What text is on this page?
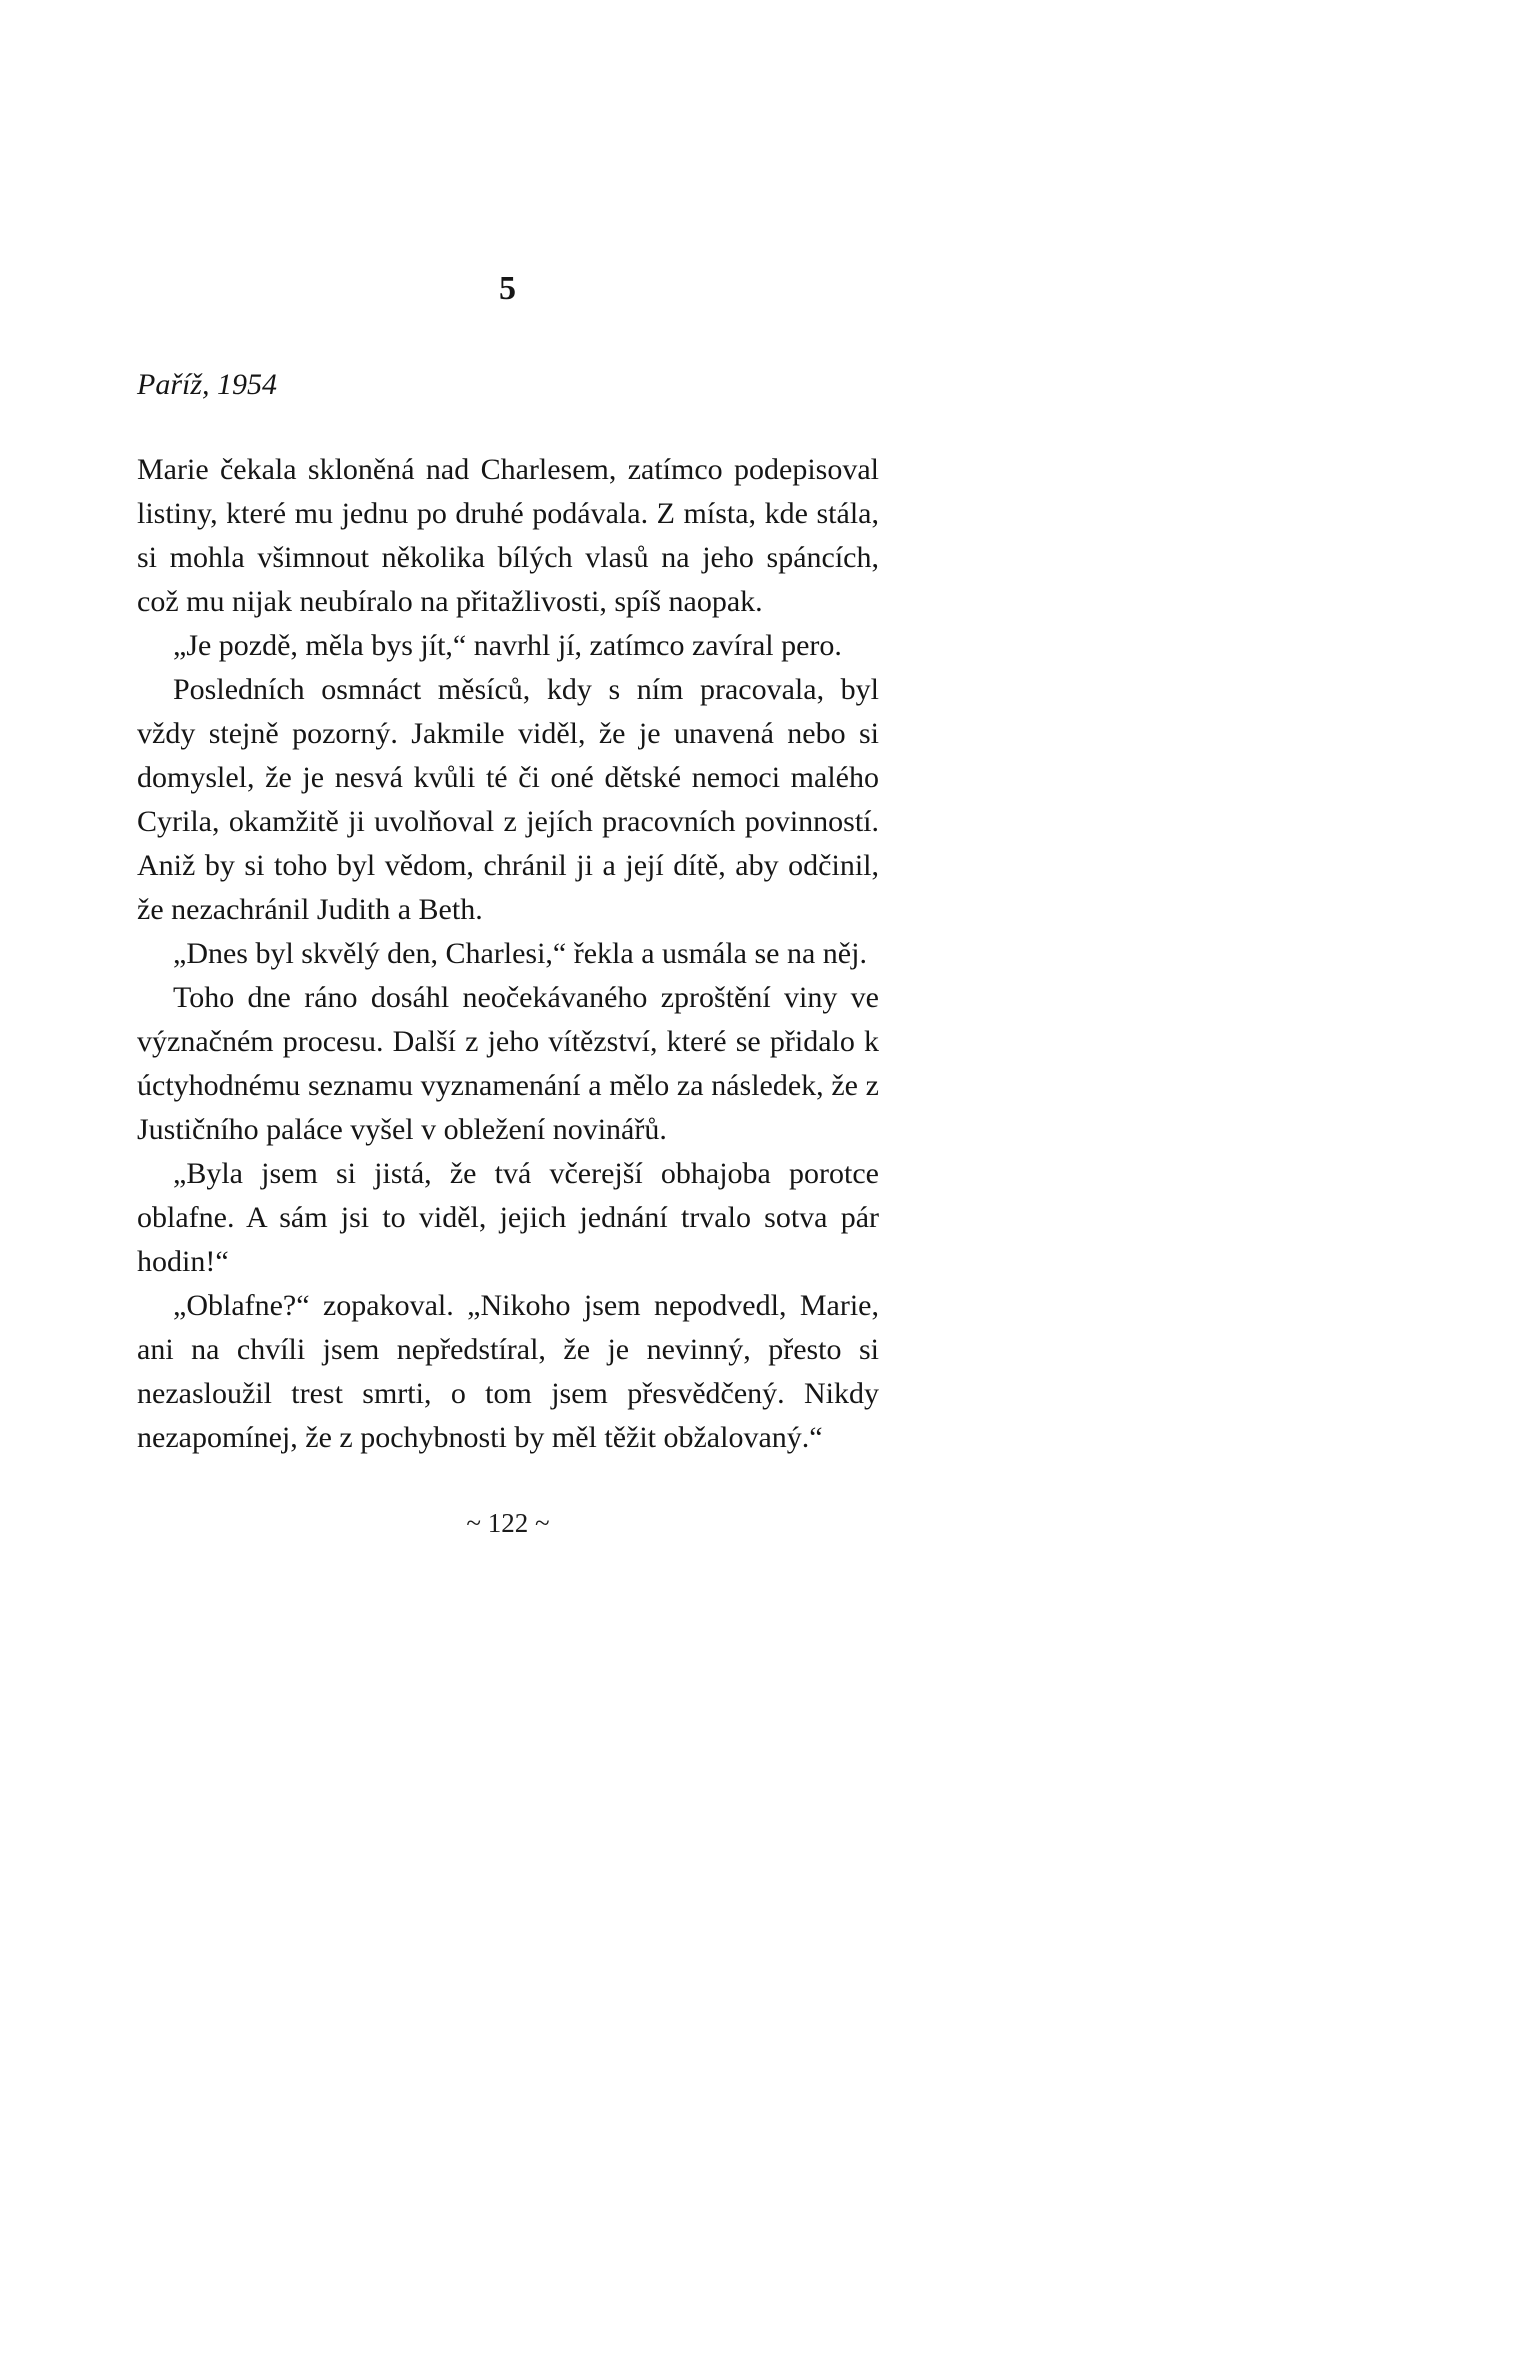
5
Paříž, 1954

Marie čekala skloněná nad Charlesem, zatímco podepisoval listiny, které mu jednu po druhé podávala. Z místa, kde stála, si mohla všimnout několika bílých vlasů na jeho spáncích, což mu nijak neubíralo na přitažlivosti, spíš naopak.

„Je pozdě, měla bys jít,“ navrhl jí, zatímco zavíral pero.

Posledních osmnáct měsíců, kdy s ním pracovala, byl vždy stejně pozorný. Jakmile viděl, že je unavená nebo si domyslel, že je nesvá kvůli té či oné dětské nemoci malého Cyrila, okamžitě ji uvolňoval z jejích pracovních povinností. Aniž by si toho byl vědom, chránil ji a její dítě, aby odčinil, že nezachránil Judith a Beth.

„Dnes byl skvělý den, Charlesi,“ řekla a usmála se na něj.

Toho dne ráno dosáhl neočekávaného zproštění viny ve význačném procesu. Další z jeho vítězství, které se přidalo k úctyhodnému seznamu vyznamenání a mělo za následek, že z Justičního paláce vyšel v obležení novinářů.

„Byla jsem si jistá, že tvá včerejší obhajoba porotce oblafne. A sám jsi to viděl, jejich jednání trvalo sotva pár hodin!“

„Oblafne?“ zopakoval. „Nikoho jsem nepodvedl, Marie, ani na chvíli jsem nepředstíral, že je nevinný, přesto si nezasloužil trest smrti, o tom jsem přesvědčený. Nikdy nezapomínej, že z pochybnosti by měl těžit obžalovaný.“

~ 122 ~
